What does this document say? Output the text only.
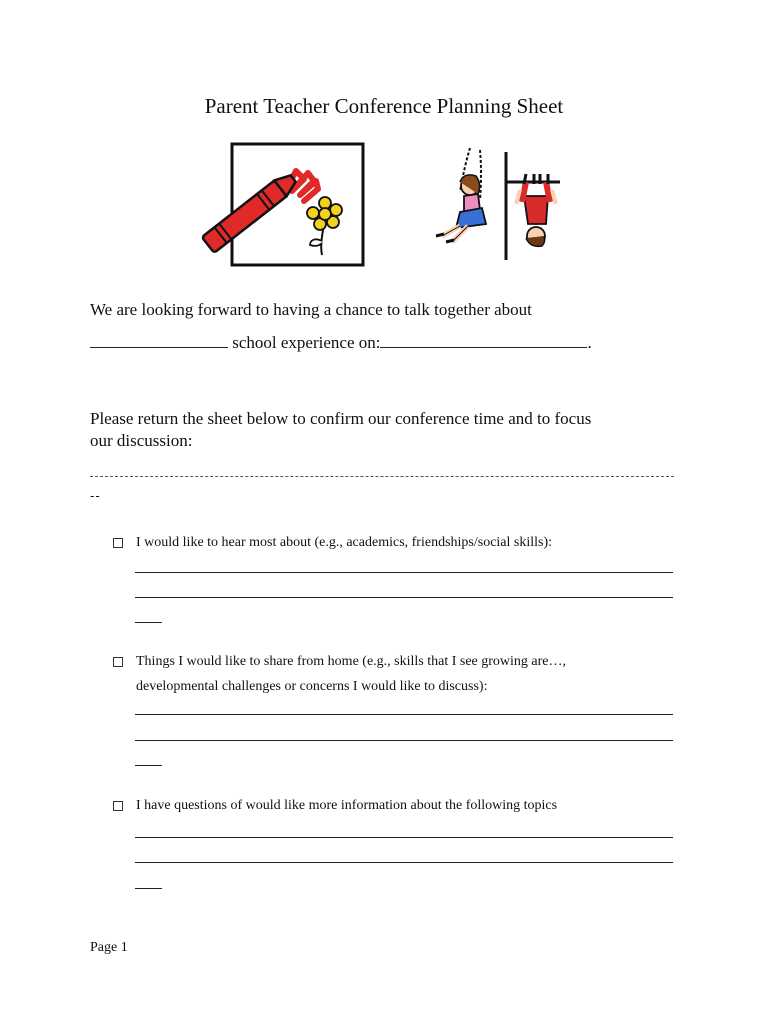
Parent Teacher Conference Planning Sheet
We are looking forward to having a chance to talk together about
school experience on:	.
Please return the sheet below to confirm our conference time and to focus
our discussion:
--
I would like to hear most about (e.g., academics, friendships/social skills):
Things I would like to share from home (e.g., skills that I see growing are…,
developmental challenges or concerns I would like to discuss):
I have questions of would like more information about the following topics
Page 1
